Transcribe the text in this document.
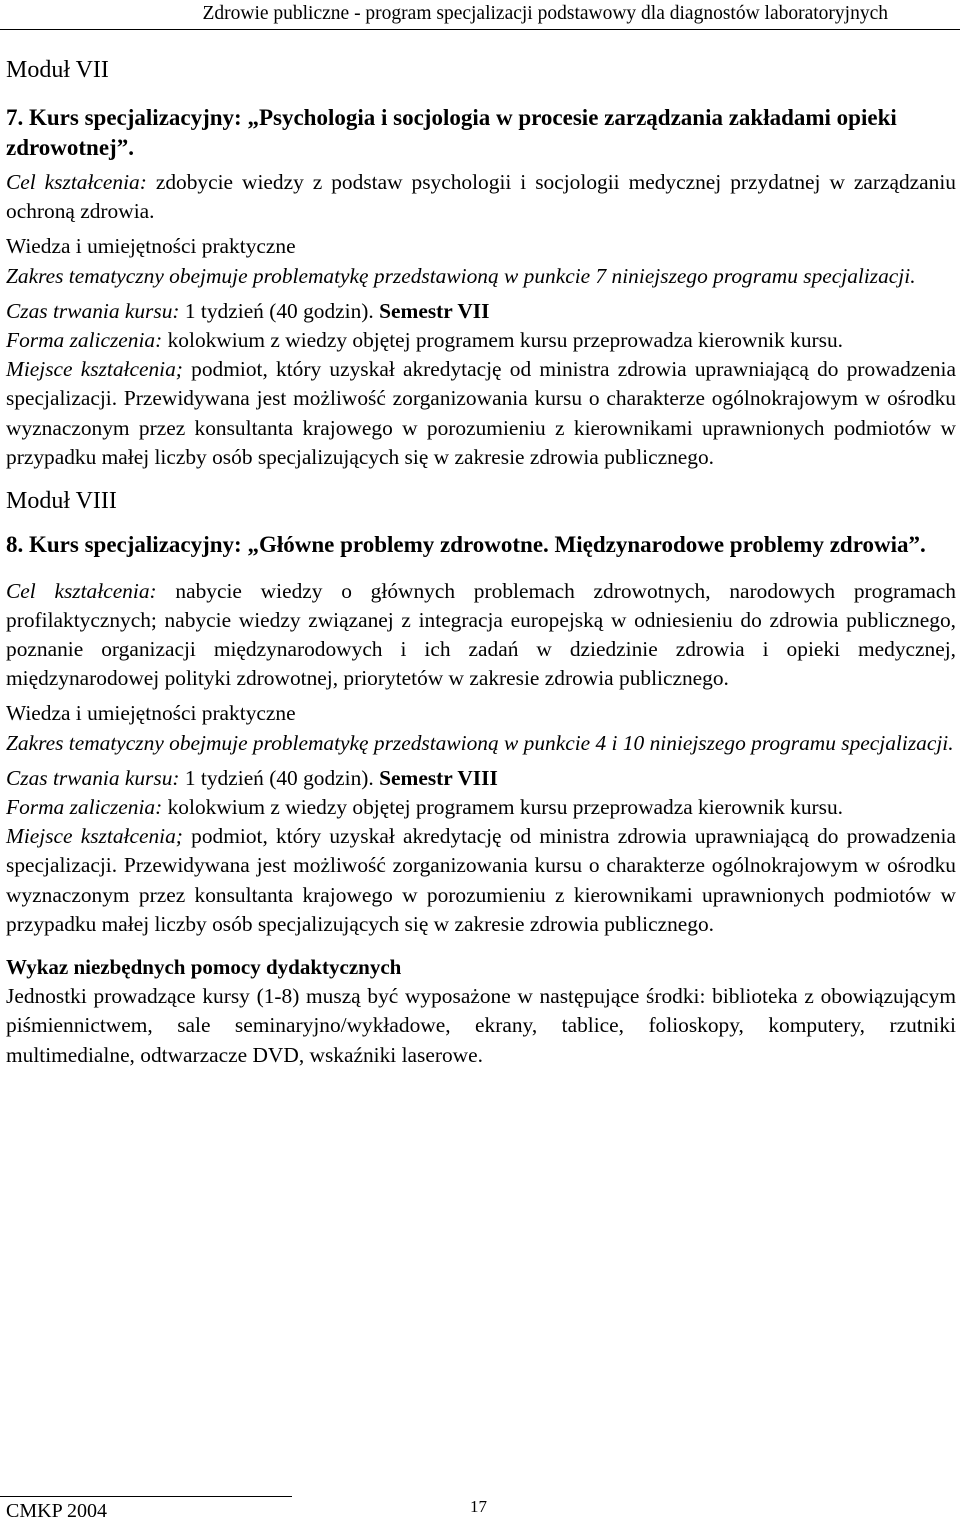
Zdrowie publiczne - program specjalizacji podstawowy dla diagnostów laboratoryjnych

Moduł VII

7. Kurs specjalizacyjny: „Psychologia i socjologia w procesie zarządzania zakładami opieki zdrowotnej”.

Cel kształcenia: zdobycie wiedzy z podstaw psychologii i socjologii medycznej przydatnej w zarządzaniu ochroną zdrowia.

Wiedza i umiejętności praktyczne

Zakres tematyczny obejmuje problematykę przedstawioną w punkcie 7 niniejszego programu specjalizacji.

Czas trwania kursu: 1 tydzień (40 godzin). Semestr VII

Forma zaliczenia: kolokwium z wiedzy objętej programem kursu przeprowadza kierownik kursu.

Miejsce kształcenia; podmiot, który uzyskał akredytację od ministra zdrowia uprawniającą do prowadzenia specjalizacji. Przewidywana jest możliwość zorganizowania kursu o charakterze ogólnokrajowym w ośrodku wyznaczonym przez konsultanta krajowego w porozumieniu z kierownikami uprawnionych podmiotów w przypadku małej liczby osób specjalizujących się w zakresie zdrowia publicznego.

Moduł VIII

8. Kurs specjalizacyjny: „Główne problemy zdrowotne. Międzynarodowe problemy zdrowia”.

Cel kształcenia: nabycie wiedzy o głównych problemach zdrowotnych, narodowych programach profilaktycznych; nabycie wiedzy związanej z integracja europejską w odniesieniu do zdrowia publicznego, poznanie organizacji międzynarodowych i ich zadań w dziedzinie zdrowia i opieki medycznej, międzynarodowej polityki zdrowotnej, priorytetów w zakresie zdrowia publicznego.

Wiedza i umiejętności praktyczne

Zakres tematyczny obejmuje problematykę przedstawioną w punkcie 4 i 10 niniejszego programu specjalizacji.

Czas trwania kursu: 1 tydzień (40 godzin). Semestr VIII

Forma zaliczenia: kolokwium z wiedzy objętej programem kursu przeprowadza kierownik kursu.

Miejsce kształcenia; podmiot, który uzyskał akredytację od ministra zdrowia uprawniającą do prowadzenia specjalizacji. Przewidywana jest możliwość zorganizowania kursu o charakterze ogólnokrajowym w ośrodku wyznaczonym przez konsultanta krajowego w porozumieniu z kierownikami uprawnionych podmiotów w przypadku małej liczby osób specjalizujących się w zakresie zdrowia publicznego.

Wykaz niezbędnych pomocy dydaktycznych

Jednostki prowadzące kursy (1-8) muszą być wyposażone w następujące środki: biblioteka z obowiązującym piśmiennictwem, sale seminaryjno/wykładowe, ekrany, tablice, folioskopy, komputery, rzutniki multimedialne, odtwarzacze DVD, wskaźniki laserowe.

CMKP 2004	17
